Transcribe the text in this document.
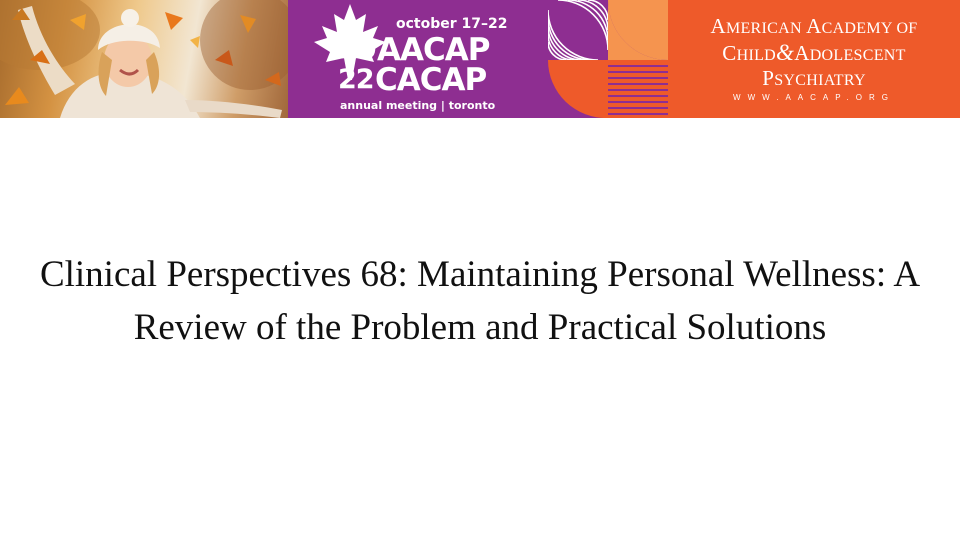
october 17–22
20 AACAP
22 CACAP
annual meeting | toronto
AMERICAN ACADEMY OF
CHILD&ADOLESCENT
PSYCHIATRY
WWW.AACAP.ORG
Clinical Perspectives 68: Maintaining Personal Wellness: A Review of the Problem and Practical Solutions
